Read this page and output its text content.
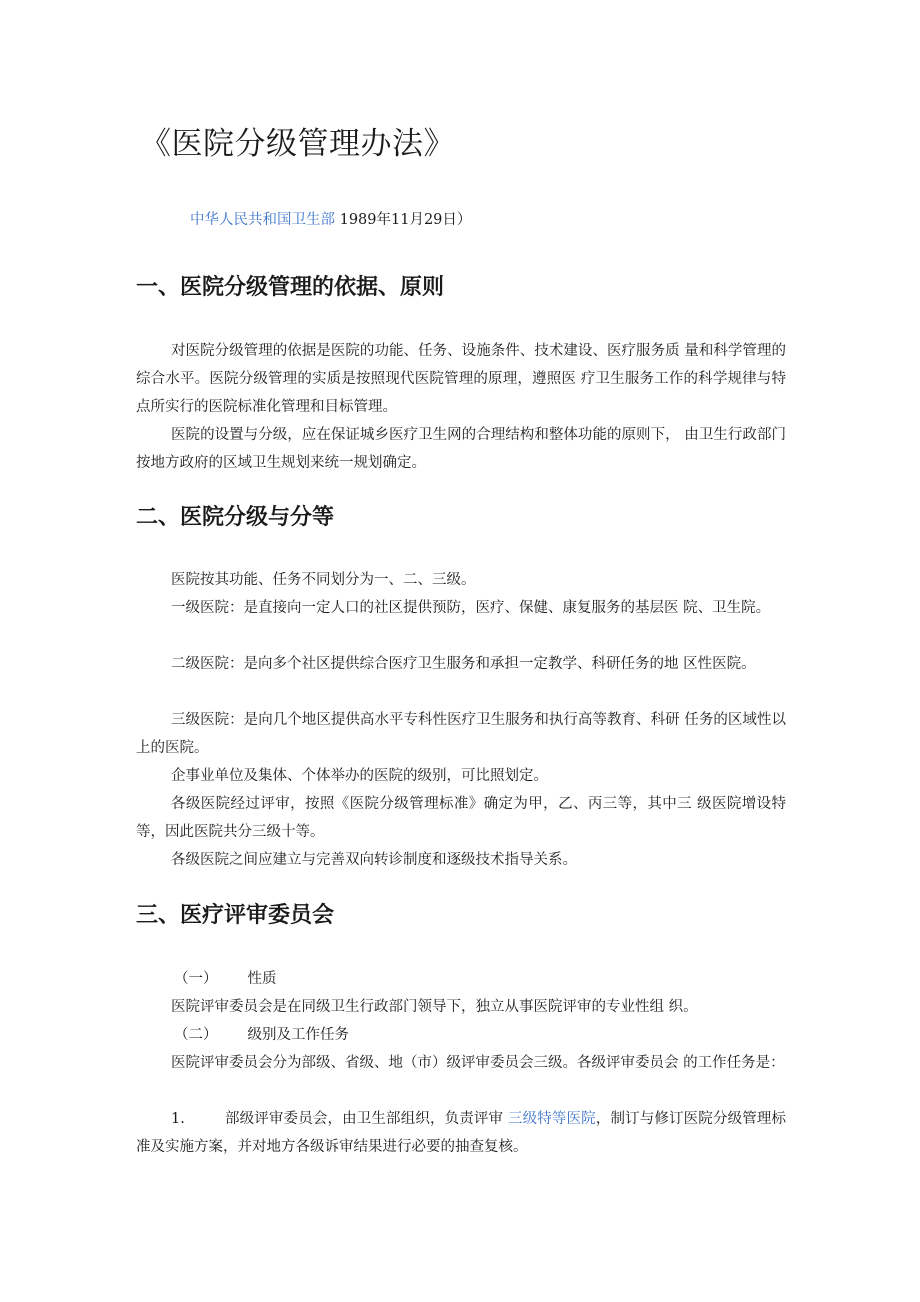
《医院分级管理办法》
中华人民共和国卫生部 1989年11月29日）
一、医院分级管理的依据、原则

对医院分级管理的依据是医院的功能、任务、设施条件、技术建设、医疗服务质 量和科学管理的综合水平。医院分级管理的实质是按照现代医院管理的原理，遵照医 疗卫生服务工作的科学规律与特点所实行的医院标准化管理和目标管理。

医院的设置与分级，应在保证城乡医疗卫生网的合理结构和整体功能的原则下， 由卫生行政部门按地方政府的区域卫生规划来统一规划确定。

二、医院分级与分等

医院按其功能、任务不同划分为一、二、三级。

一级医院：是直接向一定人口的社区提供预防，医疗、保健、康复服务的基层医 院、卫生院。

二级医院：是向多个社区提供综合医疗卫生服务和承担一定教学、科研任务的地 区性医院。

三级医院：是向几个地区提供高水平专科性医疗卫生服务和执行高等教育、科研 任务的区域性以上的医院。

企事业单位及集体、个体举办的医院的级别，可比照划定。

各级医院经过评审，按照《医院分级管理标准》确定为甲，乙、丙三等，其中三 级医院增设特等，因此医院共分三级十等。

各级医院之间应建立与完善双向转诊制度和逐级技术指导关系。

三、医疗评审委员会
（一） 性质

医院评审委员会是在同级卫生行政部门领导下，独立从事医院评审的专业性组 织。

（二） 级别及工作任务

医院评审委员会分为部级、省级、地（市）级评审委员会三级。各级评审委员会 的工作任务是：

1.	部级评审委员会，由卫生部组织，负责评审 三级特等医院，制订与修订医院分级管理标准及实施方案，并对地方各级诉审结果进行必要的抽查复核。
